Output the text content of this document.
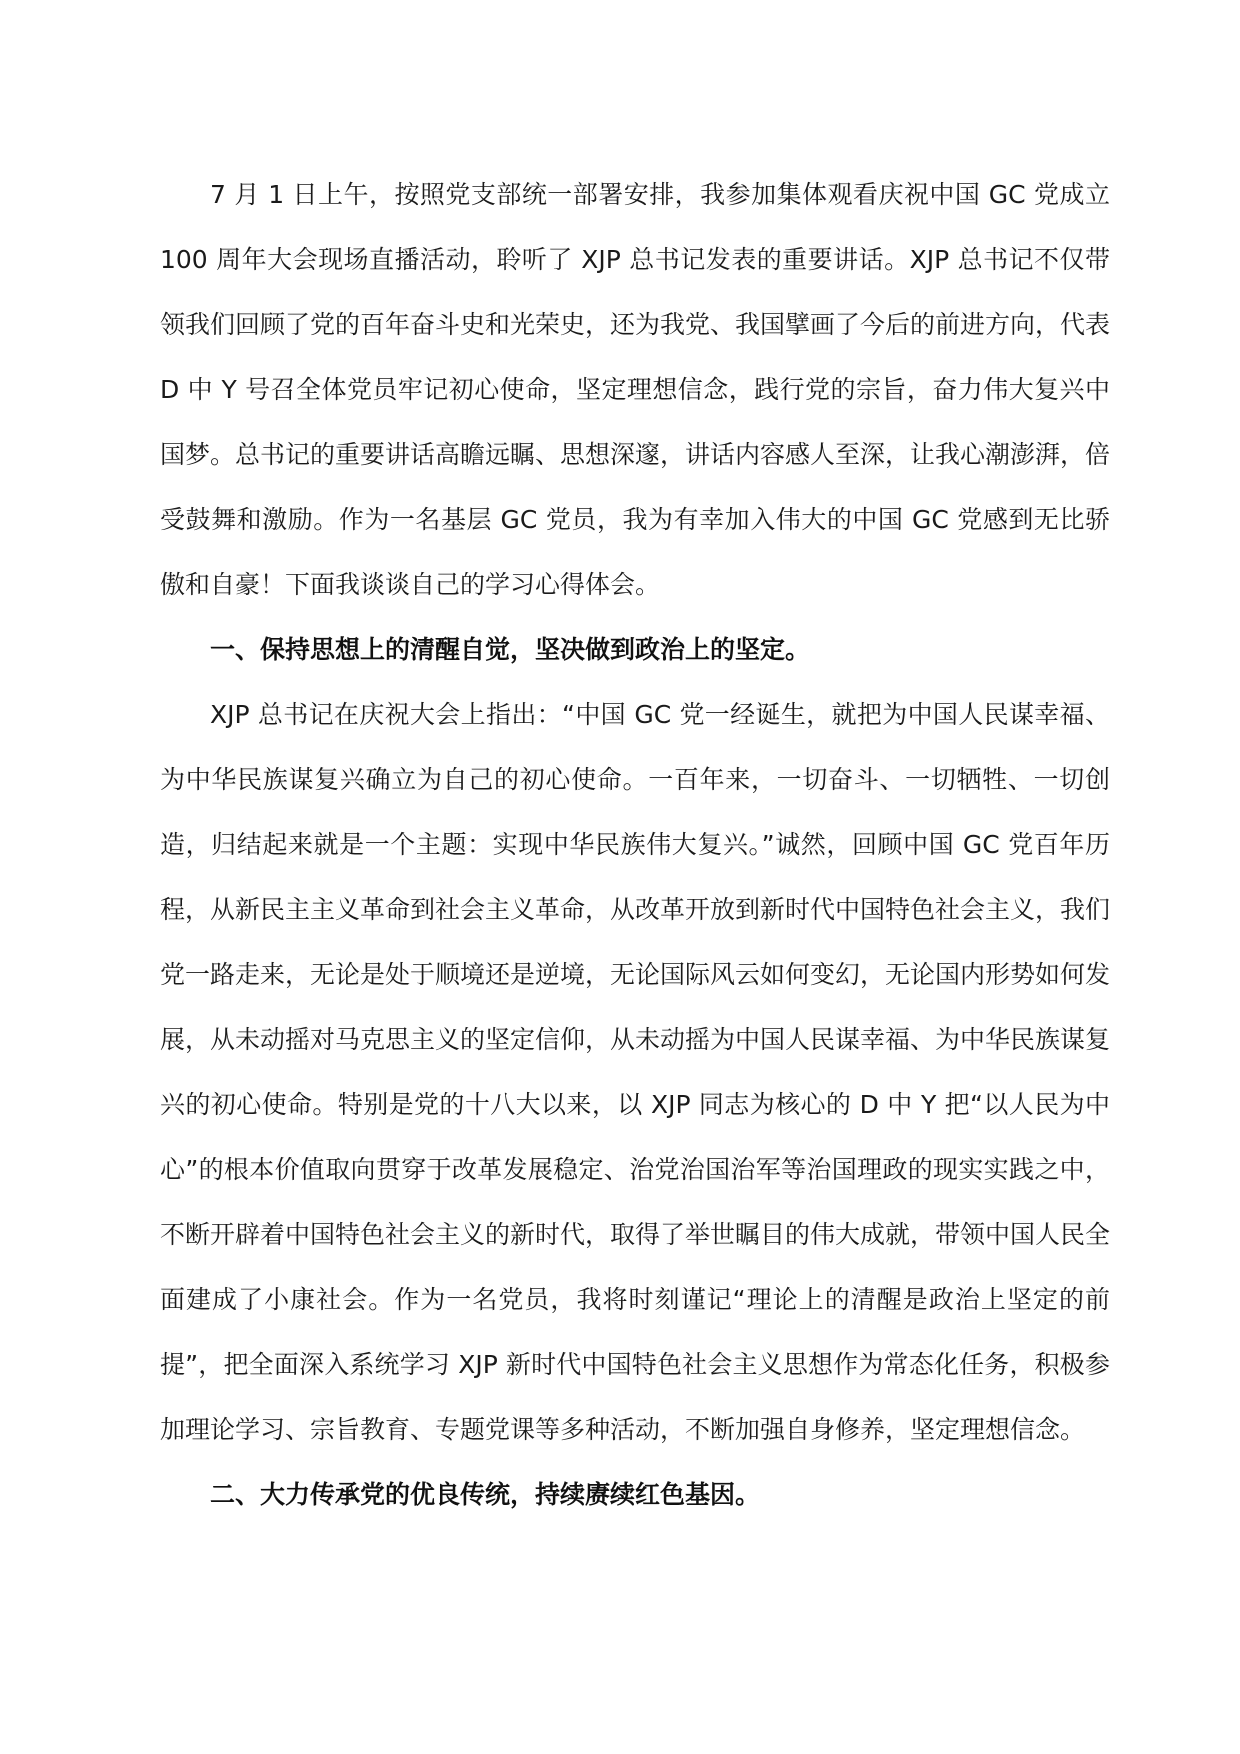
7 月 1 日上午，按照党支部统一部署安排，我参加集体观看庆祝中国 GC 党成立 100 周年大会现场直播活动，聆听了 XJP 总书记发表的重要讲话。XJP 总书记不仅带领我们回顾了党的百年奋斗史和光荣史，还为我党、我国擘画了今后的前进方向，代表 D 中 Y 号召全体党员牢记初心使命，坚定理想信念，践行党的宗旨，奋力伟大复兴中国梦。总书记的重要讲话高瞻远瞩、思想深邃，讲话内容感人至深，让我心潮澎湃，倍受鼓舞和激励。作为一名基层 GC 党员，我为有幸加入伟大的中国 GC 党感到无比骄傲和自豪！下面我谈谈自己的学习心得体会。

一、保持思想上的清醒自觉，坚决做到政治上的坚定。

XJP 总书记在庆祝大会上指出：“中国 GC 党一经诞生，就把为中国人民谋幸福、为中华民族谋复兴确立为自己的初心使命。一百年来，一切奋斗、一切牺牲、一切创造，归结起来就是一个主题：实现中华民族伟大复兴。”诚然，回顾中国 GC 党百年历程，从新民主主义革命到社会主义革命，从改革开放到新时代中国特色社会主义，我们党一路走来，无论是处于顺境还是逆境，无论国际风云如何变幻，无论国内形势如何发展，从未动摇对马克思主义的坚定信仰，从未动摇为中国人民谋幸福、为中华民族谋复兴的初心使命。特别是党的十八大以来，以 XJP 同志为核心的 D 中 Y 把“以人民为中心”的根本价值取向贯穿于改革发展稳定、治党治国治军等治国理政的现实实践之中，不断开辟着中国特色社会主义的新时代，取得了举世瞩目的伟大成就，带领中国人民全面建成了小康社会。作为一名党员，我将时刻谨记“理论上的清醒是政治上坚定的前提”，把全面深入系统学习 XJP 新时代中国特色社会主义思想作为常态化任务，积极参加理论学习、宗旨教育、专题党课等多种活动，不断加强自身修养，坚定理想信念。

二、大力传承党的优良传统，持续赓续红色基因。
